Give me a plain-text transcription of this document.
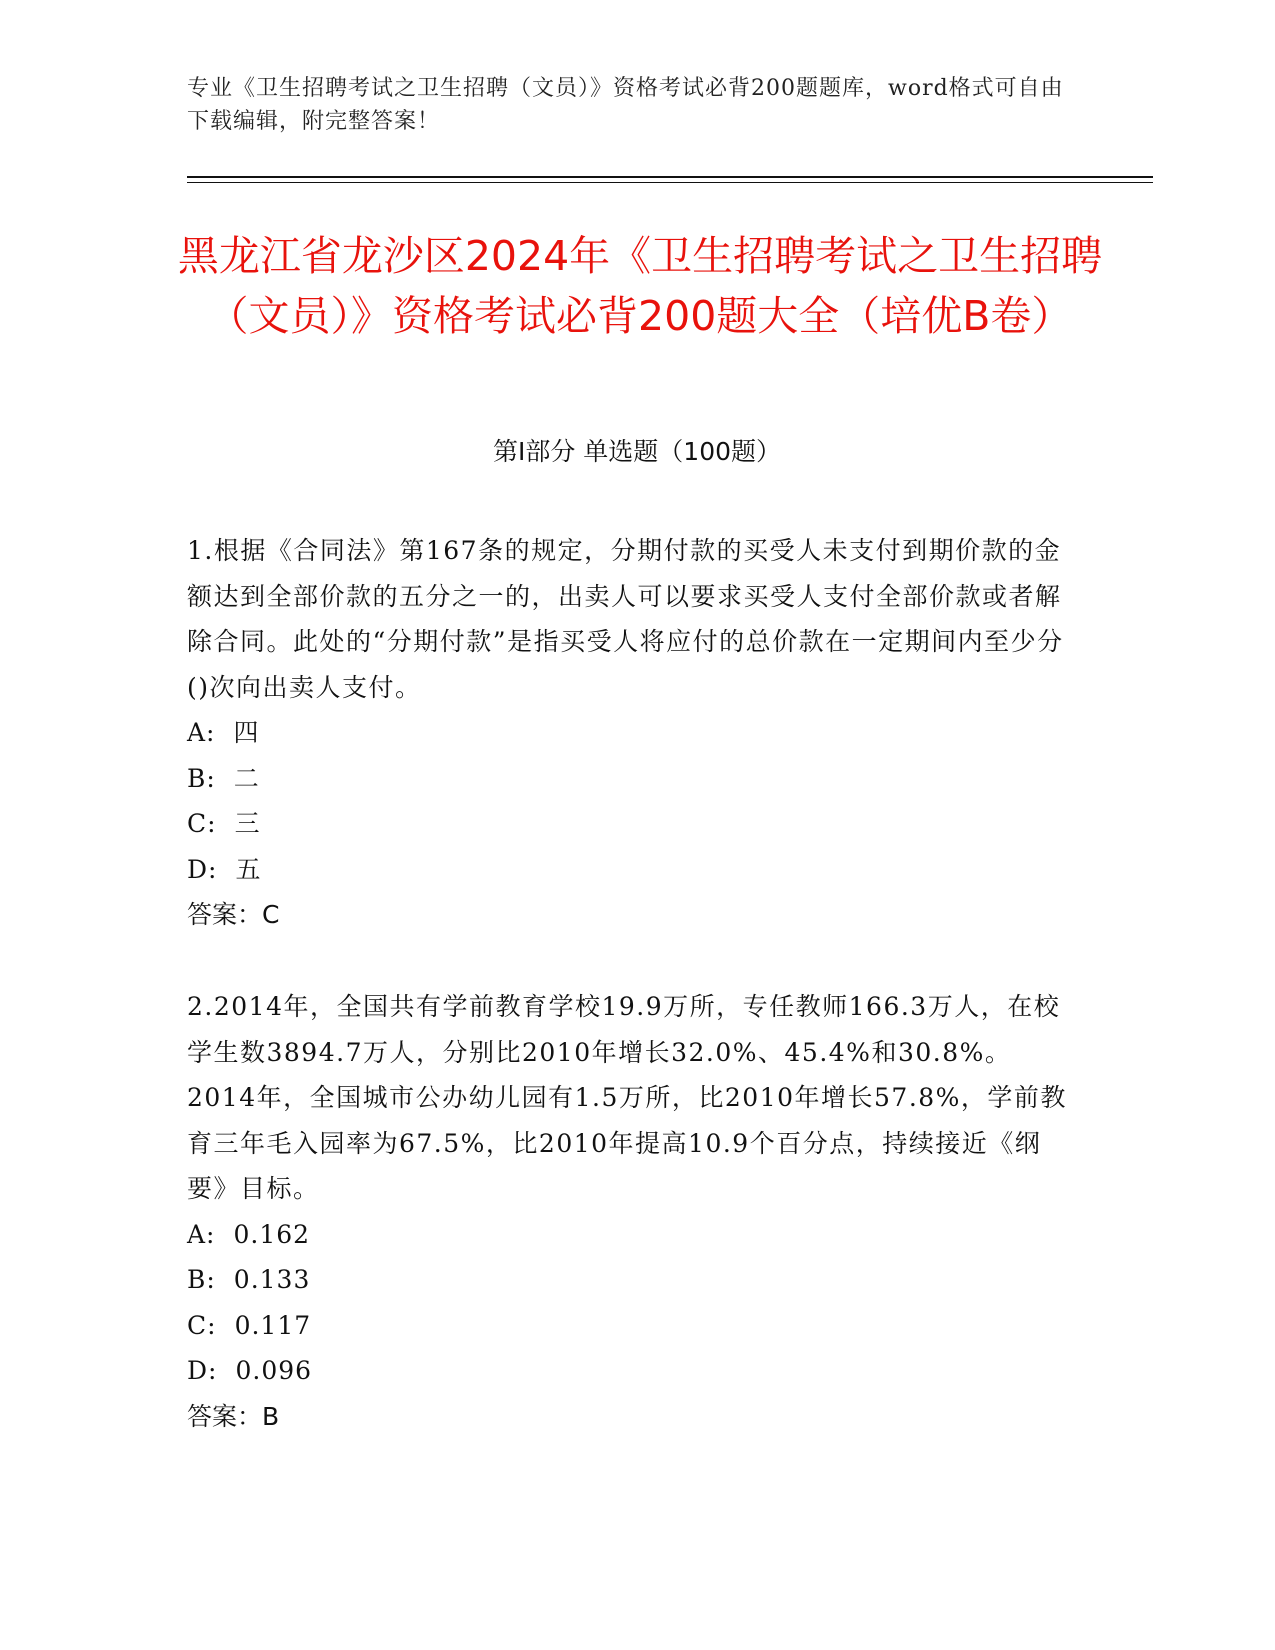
专业《卫生招聘考试之卫生招聘（文员）》资格考试必背200题题库，word格式可自由下载编辑，附完整答案！
黑龙江省龙沙区2024年《卫生招聘考试之卫生招聘（文员）》资格考试必背200题大全（培优B卷）
第Ⅰ部分 单选题（100题）

1.根据《合同法》第167条的规定，分期付款的买受人未支付到期价款的金额达到全部价款的五分之一的，出卖人可以要求买受人支付全部价款或者解除合同。此处的“分期付款”是指买受人将应付的总价款在一定期间内至少分()次向出卖人支付。

A: 四

B: 二

C: 三

D: 五

答案：C

2.2014年，全国共有学前教育学校19.9万所，专任教师166.3万人，在校学生数3894.7万人，分别比2010年增长32.0%、45.4%和30.8%。2014年，全国城市公办幼儿园有1.5万所，比2010年增长57.8%，学前教育三年毛入园率为67.5%，比2010年提高10.9个百分点，持续接近《纲要》目标。

A: 0.162

B: 0.133

C: 0.117

D: 0.096

答案：B
